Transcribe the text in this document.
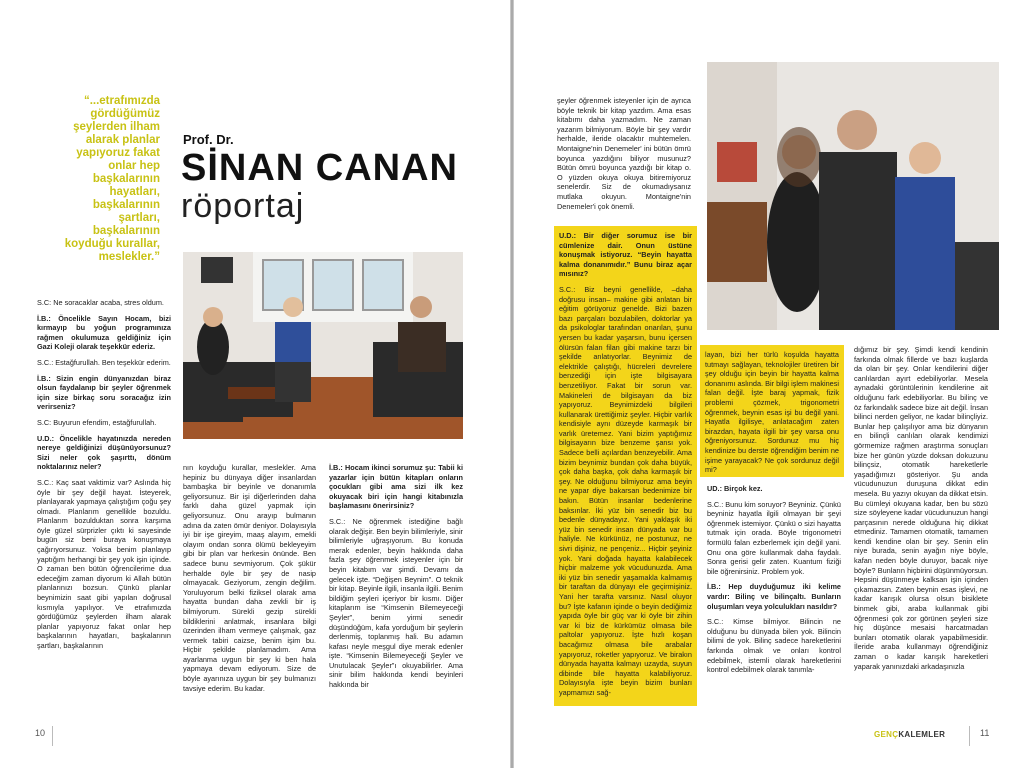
“...etrafımızda gördüğümüz şeylerden ilham alarak planlar yapıyoruz fakat onlar hep başkalarının hayatları, başkalarının şartları, başkalarının koyduğu kurallar, meslekler.”
Prof. Dr.
SİNAN CANAN
röportaj

S.C: Ne soracaklar acaba, stres oldum.

İ.B.: Öncelikle Sayın Hocam, bizi kırmayıp bu yoğun programınıza rağmen okulumuza geldiğiniz için Gazi Koleji olarak teşekkür ederiz.

S.C.: Estağfurullah. Ben teşekkür ederim.

İ.B.: Sizin engin dünyanızdan biraz olsun faydalanıp bir şeyler öğrenmek için size birkaç soru soracağız izin verirseniz?

S.C: Buyurun efendim, estağfurullah.

U.D.: Öncelikle hayatınızda nereden nereye geldiğinizi düşünüyorsunuz? Sizi neler çok şaşırttı, dönüm noktalarınız neler?

S.C.: Kaç saat vaktimiz var? Aslında hiç öyle bir şey değil hayat. İsteyerek, planlayarak yapmaya çalıştığım çoğu şey olmadı. Planlarım genellikle bozuldu. Planlarım bozulduktan sonra karşıma öyle güzel sürprizler çıktı ki sayesinde bugün siz beni buraya konuşmaya çağırıyorsunuz. Yoksa benim planlayıp yaptığım herhangi bir şey yok işin içinde. O zaman ben bütün öğrencilerime dua edeceğim zaman diyorum ki Allah bütün planlarınızı bozsun. Çünkü planlar beynimizin saat gibi yapılan doğrusal kısmıyla yapılıyor. Ve etrafımızda gördüğümüz şeylerden ilham alarak planlar yapıyoruz fakat onlar hep başkalarının hayatları, başkalarının şartları, başkalarının

nın koyduğu kurallar, meslekler. Ama hepiniz bu dünyaya diğer insanlardan bambaşka bir beyinle ve donanımla geliyorsunuz. Bir işi diğerlerinden daha farklı daha güzel yapmak için geliyorsunuz. Onu arayıp bulmanın adına da zaten ömür deniyor. Dolayısıyla iyi bir işe gireyim, maaş alayım, emekli olayım ondan sonra ölümü bekleyeyim gibi bir plan var herkesin önünde. Ben sadece bunu sevmiyorum. Çok şükür herhalde öyle bir şey de nasip olmayacak. Geziyorum, zengin değilim. Yoruluyorum belki fiziksel olarak ama hayatta bundan daha zevkli bir iş bilmiyorum. Sürekli gezip sürekli bildiklerini anlatmak, insanlara bilgi üzerinden ilham vermeye çalışmak, gaz vermek tabiri caizse, benim işim bu. Hiçbir şekilde planlamadım. Ama ayarlanma uygun bir şey ki ben hala yapmaya devam ediyorum. Size de böyle ayarınıza uygun bir şey bulmanızı tavsiye ederim. Bu kadar.

İ.B.: Hocam ikinci sorumuz şu: Tabii ki yazarlar için bütün kitapları onların çocukları gibi ama sizi ilk kez okuyacak biri için hangi kitabınızla başlamasını önerirsiniz?

S.C.: Ne öğrenmek istediğine bağlı olarak değişir. Ben beyin bilimleriyle, sinir bilimleriyle uğraşıyorum. Bu konuda merak edenler, beyin hakkında daha fazla şey öğrenmek isteyenler için bir beyin kitabım var şimdi. Devamı da gelecek işte. “Değişen Beynim”. O teknik bir kitap. Beyinle ilgili, insanla ilgili. Benim bildiğim şeyleri içeriyor bir kısmı. Diğer kitaplarım ise “Kimsenin Bilemeyeceği Şeyler”, benim yirmi senedir düşündüğüm, kafa yorduğum bir şeylerin derlenmiş, toplanmış hali. Bu adamın kafası neyle meşgul diye merak edenler işte. “Kimsenin Bilemeyeceği Şeyler ve Unutulacak Şeyler”ı okuyabilirler. Ama sinir bilim hakkında kendi beyinleri hakkında bir

10

şeyler öğrenmek isteyenler için de ayrıca böyle teknik bir kitap yazdım. Ama esas kitabımı daha yazmadım. Ne zaman yazarım bilmiyorum. Böyle bir şey vardır herhalde, ileride olacaktır muhtemelen. Montaigne'nin Denemeler' ini bütün ömrü boyunca yazdığını biliyor musunuz? Bütün ömrü boyunca yazdığı bir kitap o. O yüzden okuya okuya bitiremiyoruz senelerdir. Siz de okumadıysanız mutlaka okuyun. Montaigne'nin Denemeler'i çok önemli.

U.D.: Bir diğer sorumuz ise bir cümlenize dair. Onun üstüne konuşmak istiyoruz. “Beyin hayatta kalma donanımıdır.” Bunu biraz açar mısınız?

S.C.: Biz beyni genellikle, –daha doğrusu insan– makine gibi anlatan bir eğitim görüyoruz genelde. Bizi bazen bazı parçaları bozulabilen, doktorlar ya da psikologlar tarafından onarılan, şunu yersen bu kadar yaşarsın, bunu içersen ölürsün falan filan gibi makine tarzı bir şekilde anlatıyorlar. Beynimiz de elektrikle çalıştığı, hücreleri devrelere benzediği için işte bilgisayara benzetiliyor. Fakat bir sorun var. Makineleri de bilgisayarı da biz yapıyoruz. Beynimizdeki bilgileri kullanarak ürettiğimiz şeyler. Hiçbir varlık kendisiyle aynı düzeyde karmaşık bir varlık üretemez. Yani bizim yaptığımız bilgisayarın bize benzeme şansı yok. Sadece belli açılardan benzeyebilir. Ama bizim beynimiz bundan çok daha büyük, çok daha başka, çok daha karmaşık bir şey. Ne olduğunu bilmiyoruz ama beyin ne yapar diye bakarsan bedenimize bir bakın. Bütün insanlar bedenlerine baksınlar. İki yüz bin senedir biz bu bedenle dünyadayız. Yani yaklaşık iki yüz bin senedir insan dünyada var bu haliyle. Ne kürkünüz, ne postunuz, ne sivri dişiniz, ne pençeniz... Hiçbir şeyiniz yok. Yani doğada hayatta kalabilecek hiçbir malzeme yok vücudunuzda. Ama iki yüz bin senedir yaşamakla kalmamış bir taraftan da dünyayı ele geçirmişiniz. Yani her tarafta varsınız. Nasıl oluyor bu? İşte kafanın içinde o beyin dediğimiz yapıda öyle bir güç var ki öyle bir zihin var ki biz de kürkümüz olmasa bile paltolar yapıyoruz. İşte hızlı koşan bacağımız olmasa bile arabalar yapıyoruz, roketler yapıyoruz. Ve birakın dünyada hayatta kalmayı uzayda, suyun dibinde bile hayatta kalabiliyoruz. Dolayısıyla işte beyin bizim bunları yapmamızı sağ-

layan, bizi her türlü koşulda hayatta tutmayı sağlayan, teknolojiler üretiren bir şey olduğu için beyin bir hayatta kalma donanımı aslında. Bir bilgi işlem makinesi falan değil. İşte baraj yapmak, fizik problemi çözmek, trigonometri öğrenmek, beynin esas işi bu değil yani. Hayatla ilgilisye, anlatacağım zaten birazdan, hayata ilgili bir şey varsa onu öğreniyorsunuz. Sordunuz mu hiç kendinize bu derste öğrendiğim benim ne işime yarayacak? Ne çok sordunuz değil mi?

UD.: Birçok kez.

S.C.: Bunu kim soruyor? Beyniniz. Çünkü beyniniz hayatla ilgili olmayan bir şeyi öğrenmek istemiyor. Çünkü o sizi hayatta tutmak için orada. Böyle trigonometri formülü falan ezberlemek için değil yani. Onu ona göre kullanmak daha faydalı. Sonra gerisi gelir zaten. Kuantum fiziği bile öğrenirsiniz. Problem yok.

İ.B.: Hep duyduğumuz iki kelime vardır: Bilinç ve bilinçaltı. Bunların oluşumları veya yolculukları nasıldır?

S.C.: Kimse bilmiyor. Bilincin ne olduğunu bu dünyada bilen yok. Bilincin bilimi de yok. Bilinç sadece hareketlerini farkında olmak ve onları kontrol edebilmek, istemli olarak hareketlerini kontrol edebilmek olarak tanımla-

dığımız bir şey. Şimdi kendi kendinin farkında olmak fillerde ve bazı kuşlarda da olan bir şey. Onlar kendilerini diğer canlılardan ayırt edebiliyorlar. Mesela aynadaki görüntülerinin kendilerine ait olduğunu fark edebiliyorlar. Bu bilinç ve öz farkındalık sadece bize ait değil. İnsan bilinci nerden geliyor, ne kadar bilinçliyiz. Bunlar hep çalışılıyor ama biz dünyanın en bilinçli canlıları olarak kendimizi görmemize rağmen araştırma sonuçları bize her günün yüzde doksan dokuzunu bilinçsiz, otomatik hareketlerle yaşadığımızı gösteriyor. Şu anda vücudunuzun duruşuna dikkat edin mesela. Bu yazıyı okuyan da dikkat etsin. Bu cümleyi okuyana kadar, ben bu sözü size söyleyene kadar vücudunuzun hangi parçasının nerede olduğuna hiç dikkat etmediniz. Tamamen otomatik, tamamen kendi kendine olan bir şey. Senin elin niye burada, senin ayağın niye böyle, kafan neden böyle duruyor, bacak niye böyle? Bunların hiçbirini düşünmüyorsun. Hepsini düşünmeye kalksan işin içinden çıkamazsın. Zaten beynin esas işlevi, ne kadar karışık olursa olsun bisiklete binmek gibi, araba kullanmak gibi öğrenmesi çok zor görünen şeyleri size hiç düşünce mesaisi harcatmadan bunları otomatik olarak yapabilmesidir. İleride araba kullanmayı öğrendiğiniz zaman o kadar karışık hareketleri yaparak yanınızdaki arkadaşınızla

GENÇKALEMLER	11
